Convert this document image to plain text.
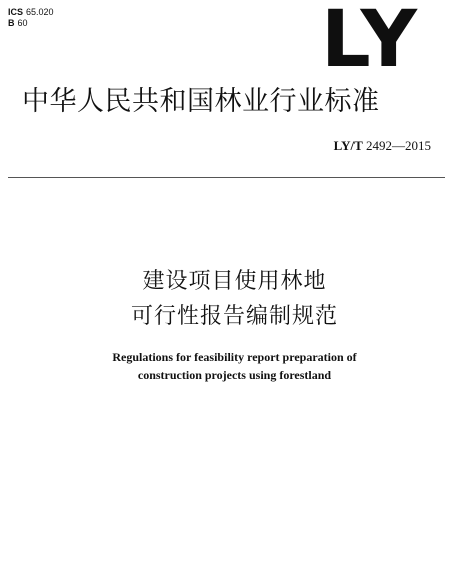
ICS 65.020
B 60	LY
中华人民共和国林业行业标准
LY/T 2492—2015
建设项目使用林地
可行性报告编制规范
Regulations for feasibility report preparation of
construction projects using forestland
